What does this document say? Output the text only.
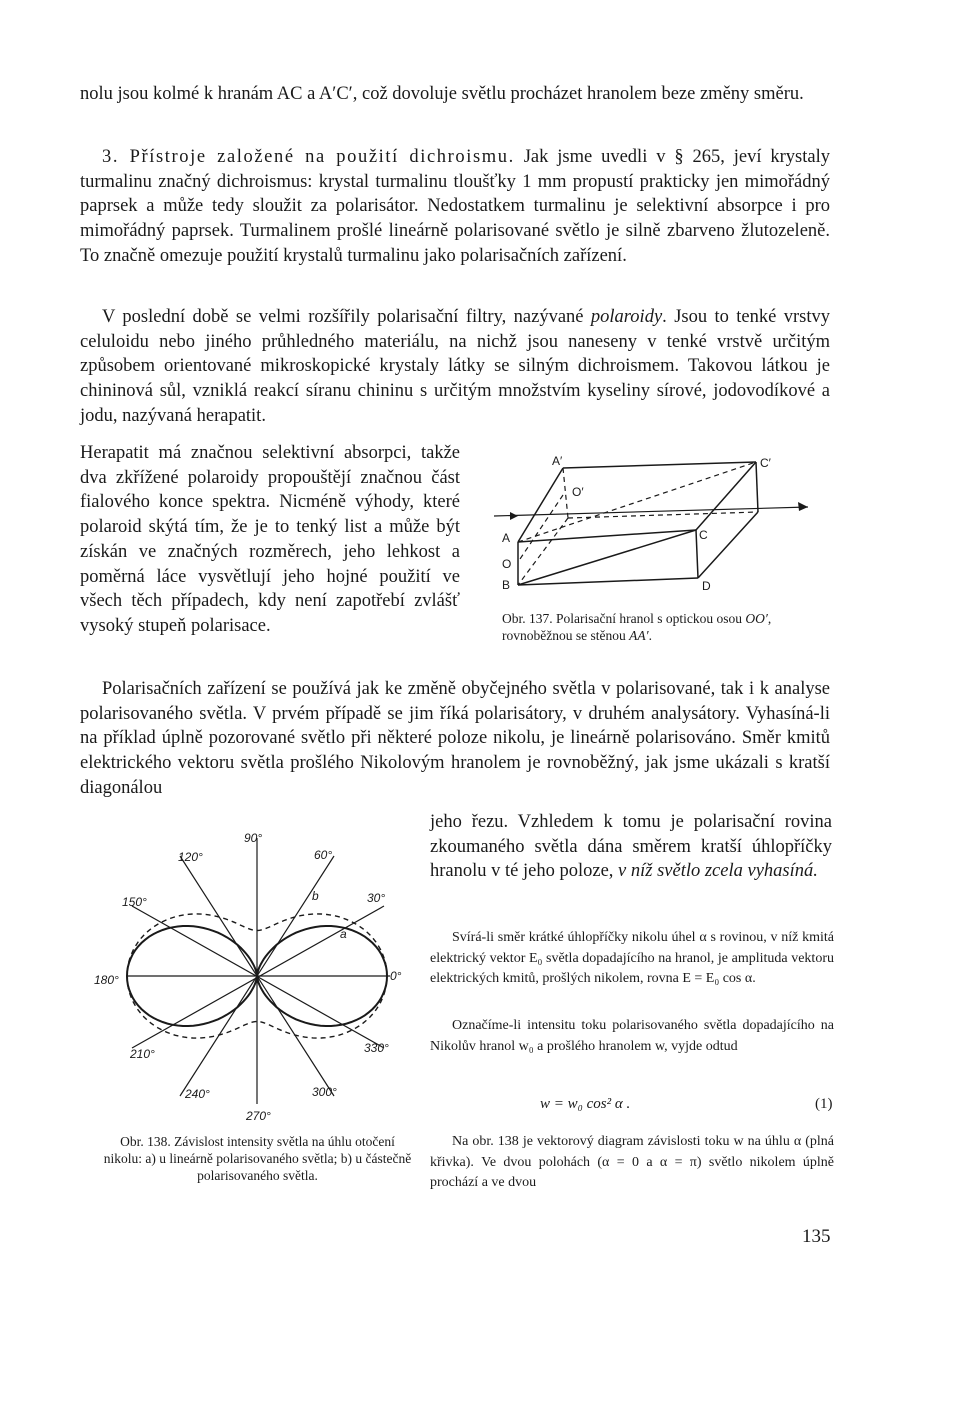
nolu jsou kolmé k hranám AC a A′C′, což dovoluje světlu procházet hranolem beze změny směru.

3. Přístroje založené na použití dichroismu. Jak jsme uvedli v § 265, jeví krystaly turmalinu značný dichroismus: krystal turmalinu tloušťky 1 mm propustí prakticky jen mimořádný paprsek a může tedy sloužit za polarisátor. Nedostatkem turmalinu je selektivní absorpce i pro mimořádný paprsek. Turmalinem prošlé lineárně polarisované světlo je silně zbarveno žlutozeleně. To značně omezuje použití krystalů turmalinu jako polarisačních zařízení.

V poslední době se velmi rozšířily polarisační filtry, nazývané polaroidy. Jsou to tenké vrstvy celuloidu nebo jiného průhledného materiálu, na nichž jsou naneseny v tenké vrstvě určitým způsobem orientované mikroskopické krystaly látky se silným dichroismem. Takovou látkou je chininová sůl, vzniklá reakcí síranu chininu s určitým množstvím kyseliny sírové, jodovodíkové a jodu, nazývaná herapatit.

Herapatit má značnou selektivní absorpci, takže dva zkřížené polaroidy propouštějí značnou část fialového konce spektra. Nicméně výhody, které polaroid skýtá tím, že je to tenký list a může být získán ve značných rozměrech, jeho lehkost a poměrná láce vysvětlují jeho hojné použití ve všech těch případech, kdy není zapotřebí zvlášť vysoký stupeň polarisace.

A′	C′
O′
A
O
B
C
D

Obr. 137. Polarisační hranol s optickou osou OO′, rovnoběžnou se stěnou AA′.

Polarisačních zařízení se používá jak ke změně obyčejného světla v polarisované, tak i k analyse polarisovaného světla. V prvém případě se jim říká polarisátory, v druhém analysátory. Vyhasíná-li na příklad úplně pozorované světlo při některé poloze nikolu, je lineárně polarisováno. Směr kmitů elektrického vektoru světla prošlého Nikolovým hranolem je rovnoběžný, jak jsme ukázali s kratší diagonálou

jeho řezu. Vzhledem k tomu je polarisační rovina zkoumaného světla dána směrem kratší úhlopříčky hranolu v té jeho poloze, v níž světlo zcela vyhasíná.

90°
120°	60°
150°	30°
180°	0°
210°	330°
240°	300°
270°
b
a

Obr. 138. Závislost intensity světla na úhlu otočení nikolu: a) u lineárně polarisovaného světla; b) u částečně polarisovaného světla.

Svírá-li směr krátké úhlopříčky nikolu úhel α s rovinou, v níž kmitá elektrický vektor E₀ světla dopadajícího na hranol, je amplituda vektoru elektrických kmitů, prošlých nikolem, rovna E = E₀ cos α.

Označíme-li intensitu toku polarisovaného světla dopadajícího na Nikolův hranol w₀ a prošlého hranolem w, vyjde odtud

w = w₀ cos² α .	(1)

Na obr. 138 je vektorový diagram závislosti toku w na úhlu α (plná křivka). Ve dvou polohách (α = 0 a α = π) světlo nikolem úplně prochází a ve dvou

135
